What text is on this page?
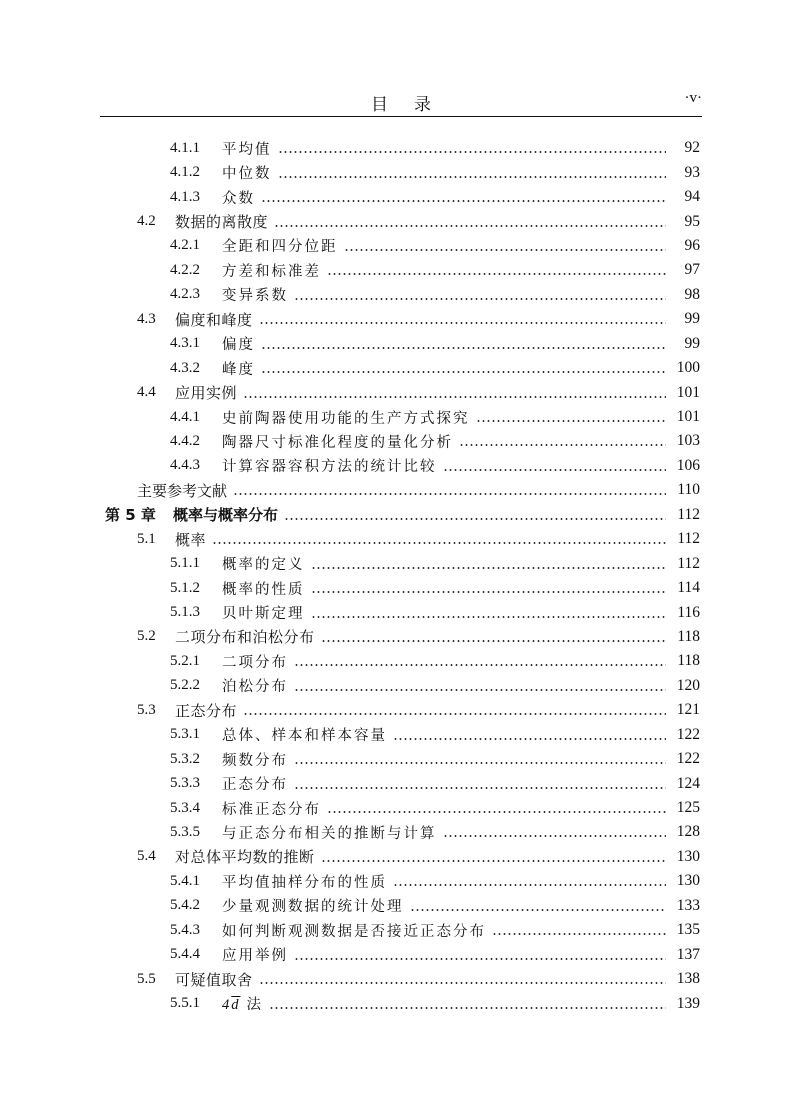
目录	·v·
4.1.1	平均值	92
4.1.2	中位数	93
4.1.3	众数	94
4.2	数据的离散度	95
4.2.1	全距和四分位距	96
4.2.2	方差和标准差	97
4.2.3	变异系数	98
4.3	偏度和峰度	99
4.3.1	偏度	99
4.3.2	峰度	100
4.4	应用实例	101
4.4.1	史前陶器使用功能的生产方式探究	101
4.4.2	陶器尺寸标准化程度的量化分析	103
4.4.3	计算容器容积方法的统计比较	106
主要参考文献	110
第 5 章	概率与概率分布	112
5.1	概率	112
5.1.1	概率的定义	112
5.1.2	概率的性质	114
5.1.3	贝叶斯定理	116
5.2	二项分布和泊松分布	118
5.2.1	二项分布	118
5.2.2	泊松分布	120
5.3	正态分布	121
5.3.1	总体、样本和样本容量	122
5.3.2	频数分布	122
5.3.3	正态分布	124
5.3.4	标准正态分布	125
5.3.5	与正态分布相关的推断与计算	128
5.4	对总体平均数的推断	130
5.4.1	平均值抽样分布的性质	130
5.4.2	少量观测数据的统计处理	133
5.4.3	如何判断观测数据是否接近正态分布	135
5.4.4	应用举例	137
5.5	可疑值取舍	138
5.5.1	$4\overline{d}$ 法	139
